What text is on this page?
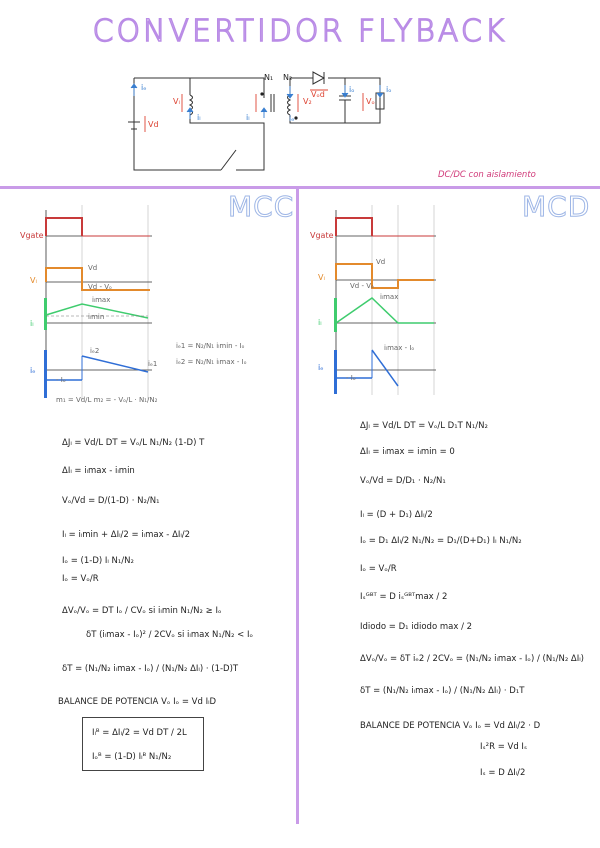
CONVERTIDOR FLYBACK
iₑ
Vd
Vₗ
iₗ	iₗ
N₁ N₂
Vₒd
V₂
iₒ	iₒ
Vₒ
iₑ
DC/DC con aislamiento
MCC	MCD
Vgate
Vₗ
iₗ
iₑ
Vd
Vd - Vₒ
iₗmax
iₗmin
iₑ2
iₑ1
- Iₒ
iₑ1 = N₂/N₁ iₗmin - Iₒ
iₑ2 = N₂/N₁ iₗmax - Iₒ
m₁ = Vd/L m₂ = - Vₒ/L · N₁/N₂
Vgate
Vₗ
iₗ
iₑ
Vd
Vd - Vₒ
iₗmax
iₗmax - Iₒ
- Iₒ
ΔJₗ = Vd/L DT = Vₒ/L N₁/N₂ (1-D) T
ΔIₗ = iₗmax - iₗmin
Vₒ/Vd = D/(1-D) · N₂/N₁
Iₗ = iₗmin + ΔIₗ/2 = iₗmax - ΔIₗ/2
Iₒ = (1-D) Iₗ N₁/N₂
Iₒ = Vₒ/R
ΔVₒ/Vₒ = DT Iₒ / CVₒ si iₗmin N₁/N₂ ≥ Iₒ
δT (iₗmax - Iₒ)² / 2CVₒ si iₗmax N₁/N₂ < Iₒ
δT = (N₁/N₂ iₗmax - Iₒ) / (N₁/N₂ ΔIₗ) · (1-D)T
BALANCE DE POTENCIA Vₒ Iₒ = Vd IₗD
Iₗᴮ = ΔIₗ/2 = Vd DT / 2L
Iₒᴮ = (1-D) Iₗᴮ N₁/N₂
ΔJₗ = Vd/L DT = Vₒ/L D₁T N₁/N₂
ΔIₗ = iₗmax = iₗmin = 0
Vₒ/Vd = D/D₁ · N₂/N₁
Iₗ = (D + D₁) ΔIₗ/2
Iₒ = D₁ ΔIₗ/2 N₁/N₂ = D₁/(D+D₁) Iₗ N₁/N₂
Iₒ = Vₒ/R
Iₛᴳᴮᵀ = D iₛᴳᴮᵀmax / 2
Idiodo = D₁ idiodo max / 2
ΔVₒ/Vₒ = δT iₑ2 / 2CVₒ = (N₁/N₂ iₗmax - Iₒ) / (N₁/N₂ ΔIₗ)
δT = (N₁/N₂ iₗmax - Iₒ) / (N₁/N₂ ΔIₗ) · D₁T
BALANCE DE POTENCIA Vₒ Iₒ = Vd ΔIₗ/2 · D
Iₛ²R = Vd Iₛ
Iₛ = D ΔIₗ/2
